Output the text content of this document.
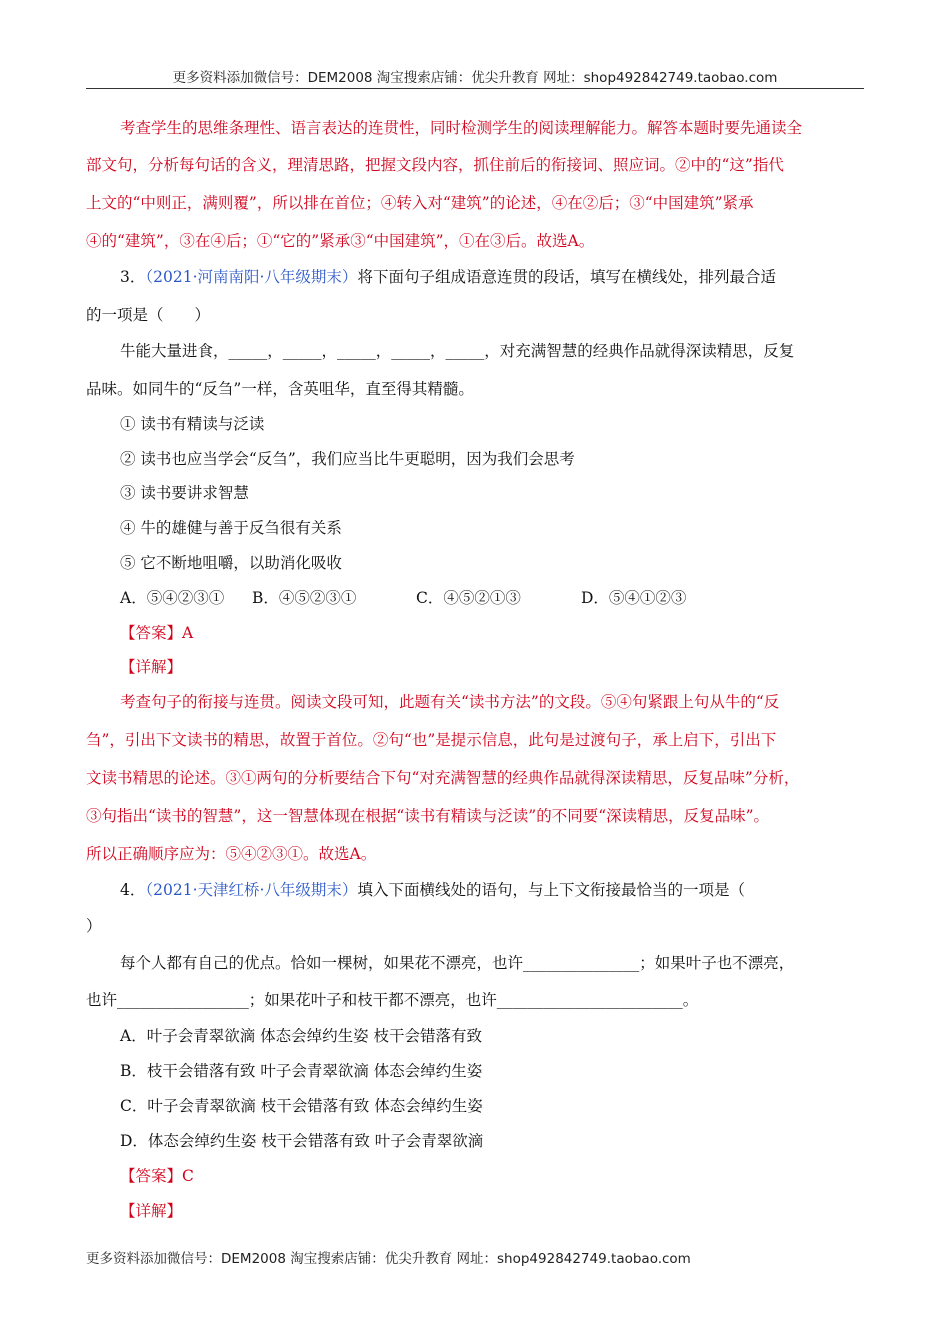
更多资料添加微信号：DEM2008 淘宝搜索店铺：优尖升教育 网址：shop492842749.taobao.com
考查学生的思维条理性、语言表达的连贯性，同时检测学生的阅读理解能力。解答本题时要先通读全
部文句，分析每句话的含义，理清思路，把握文段内容，抓住前后的衔接词、照应词。②中的“这”指代
上文的“中则正，满则覆”，所以排在首位；④转入对“建筑”的论述，④在②后；③“中国建筑”紧承
④的“建筑”，③在④后；①“它的”紧承③“中国建筑”，①在③后。故选A。
3．（2021·河南南阳·八年级期末）将下面句子组成语意连贯的段话，填写在横线处，排列最合适
的一项是（　　）
牛能大量进食，_____，_____，_____，_____，_____，对充满智慧的经典作品就得深读精思，反复
品味。如同牛的“反刍”一样，含英咀华，直至得其精髓。
① 读书有精读与泛读
② 读书也应当学会“反刍”，我们应当比牛更聪明，因为我们会思考
③ 读书要讲求智慧
④ 牛的雄健与善于反刍很有关系
⑤ 它不断地咀嚼，以助消化吸收
A．⑤④②③① B．④⑤②③①	C．④⑤②①③	D．⑤④①②③
【答案】A
【详解】
考查句子的衔接与连贯。阅读文段可知，此题有关“读书方法”的文段。⑤④句紧跟上句从牛的“反
刍”，引出下文读书的精思，故置于首位。②句“也”是提示信息，此句是过渡句子，承上启下，引出下
文读书精思的论述。③①两句的分析要结合下句“对充满智慧的经典作品就得深读精思，反复品味”分析，
③句指出“读书的智慧”，这一智慧体现在根据“读书有精读与泛读”的不同要“深读精思，反复品味”。
所以正确顺序应为：⑤④②③①。故选A。
4．（2021·天津红桥·八年级期末）填入下面横线处的语句，与上下文衔接最恰当的一项是（
）
每个人都有自己的优点。恰如一棵树，如果花不漂亮，也许_______________；如果叶子也不漂亮，
也许_________________；如果花叶子和枝干都不漂亮，也许________________________。
A．叶子会青翠欲滴 体态会绰约生姿 枝干会错落有致
B．枝干会错落有致 叶子会青翠欲滴 体态会绰约生姿
C．叶子会青翠欲滴 枝干会错落有致 体态会绰约生姿
D．体态会绰约生姿 枝干会错落有致 叶子会青翠欲滴
【答案】C
【详解】
更多资料添加微信号：DEM2008 淘宝搜索店铺：优尖升教育 网址：shop492842749.taobao.com
